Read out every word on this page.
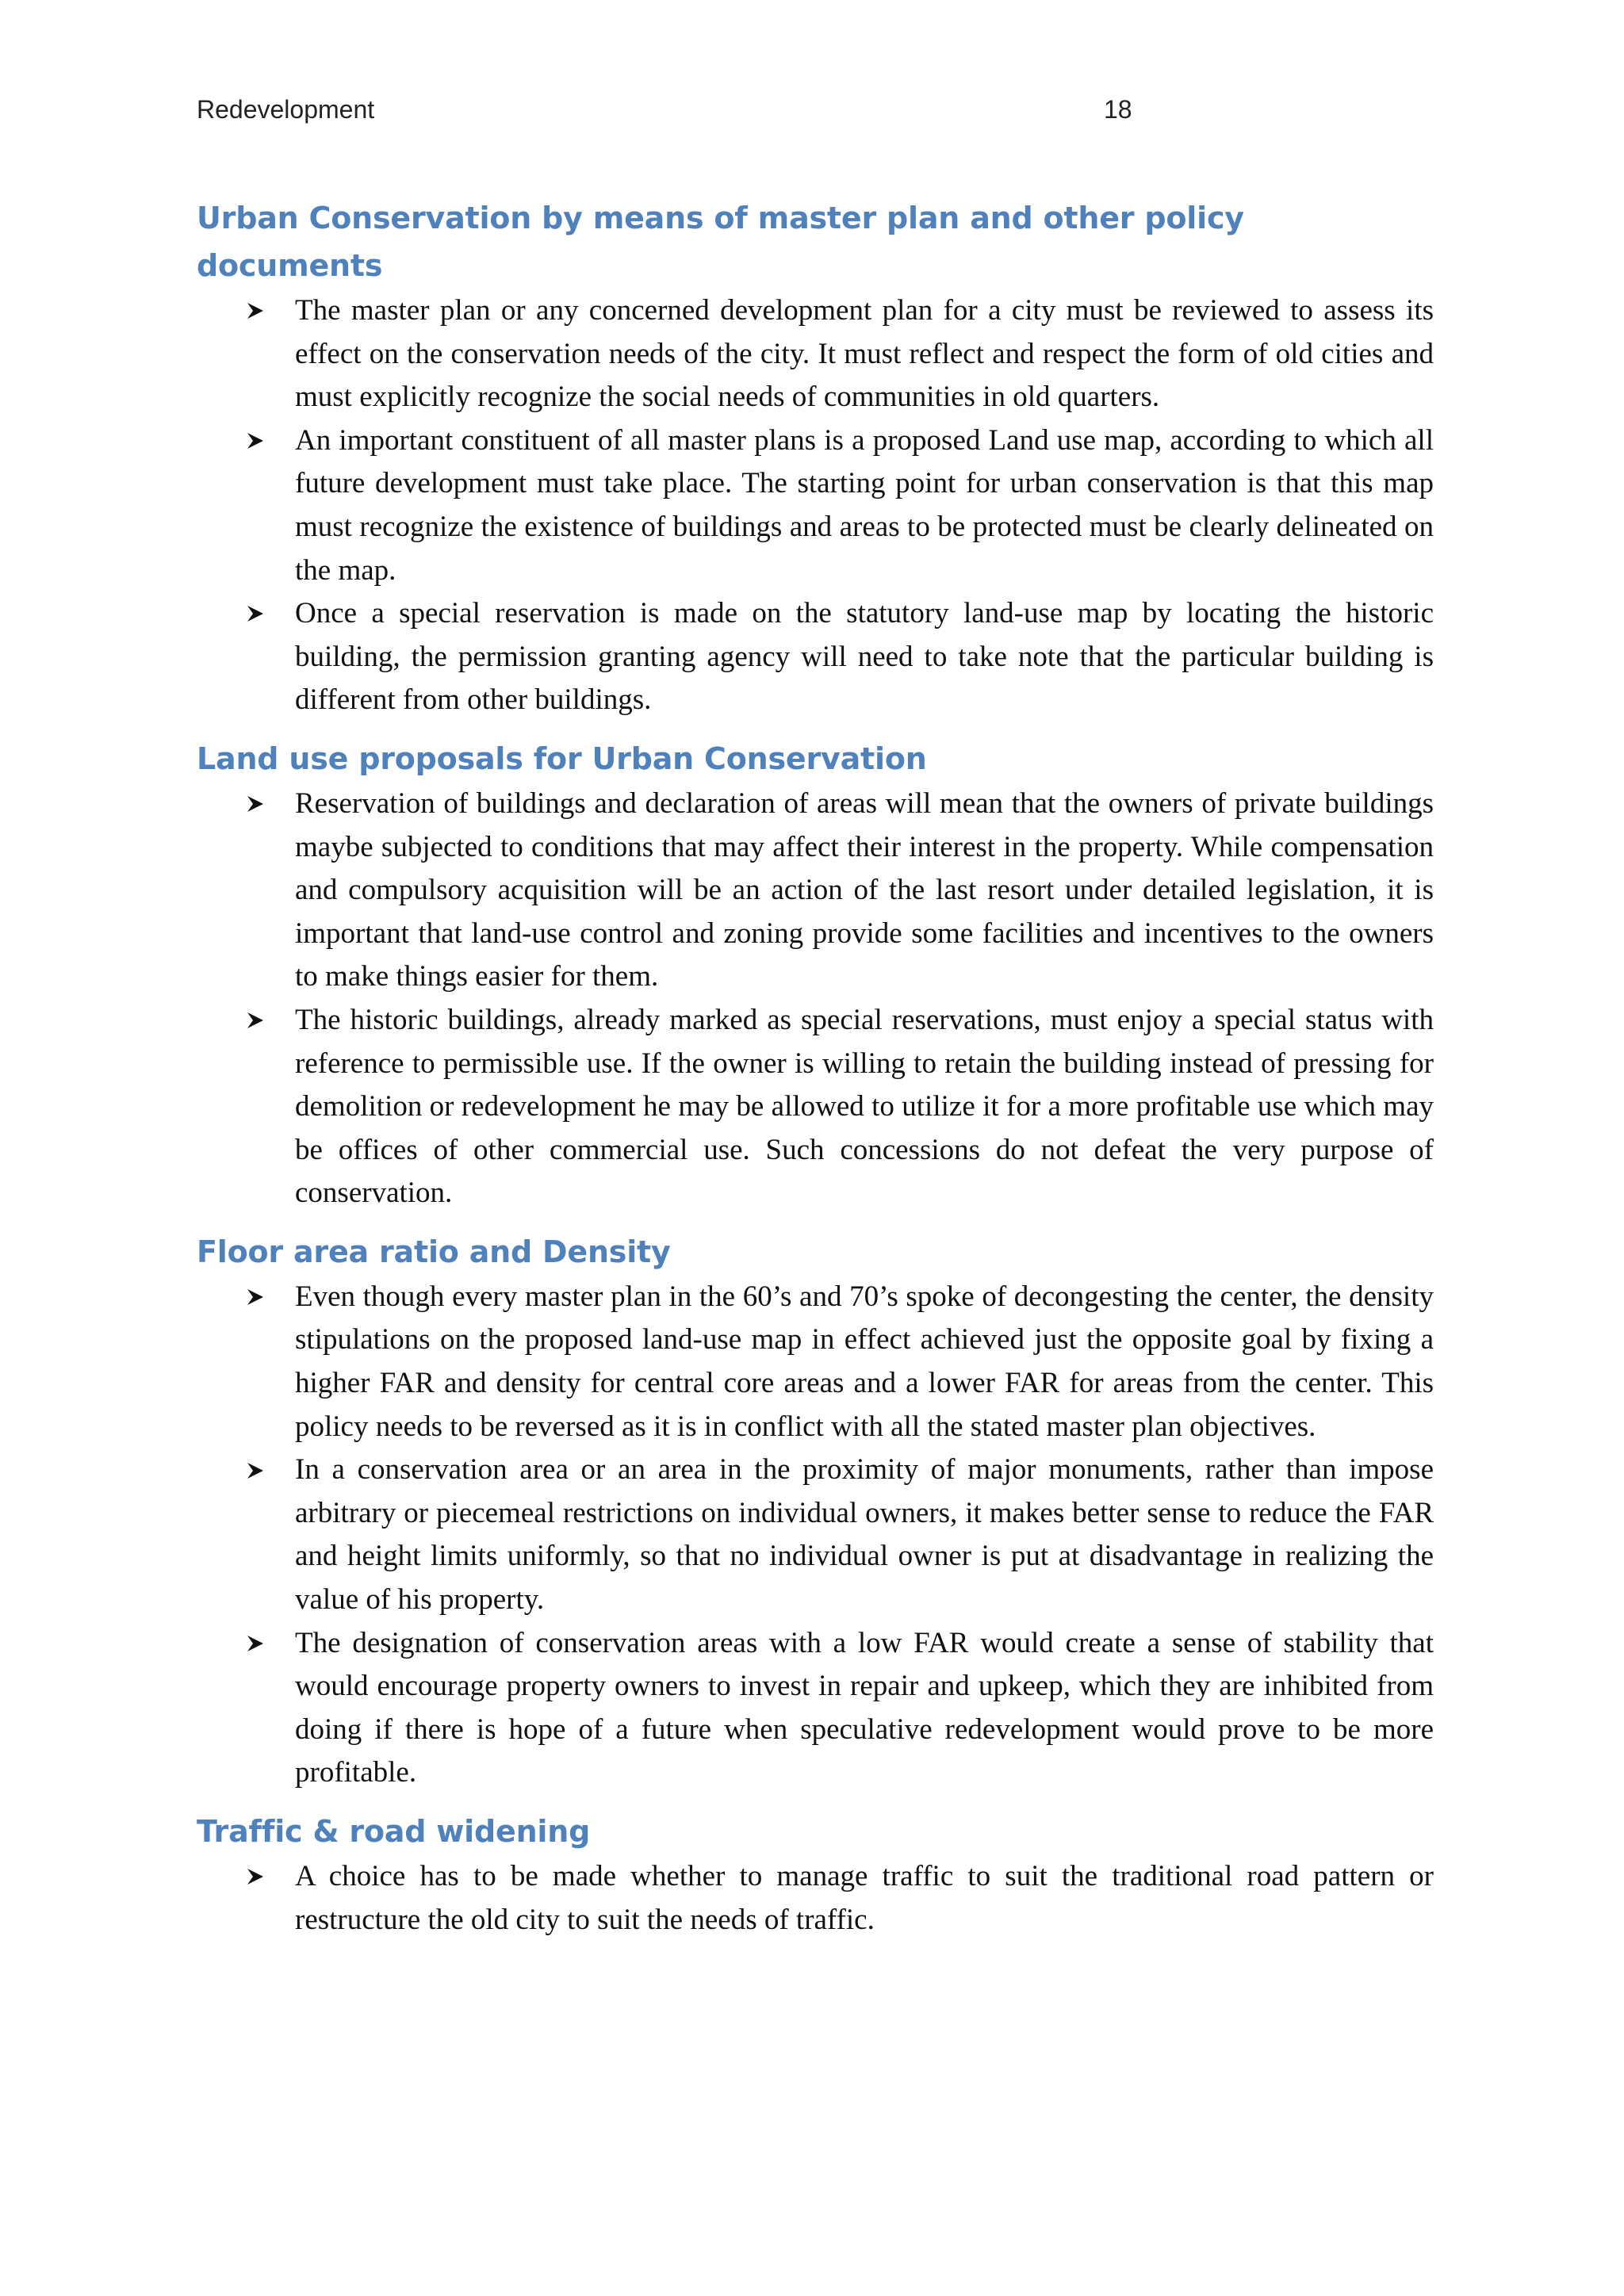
Redevelopment	18
Urban Conservation by means of master plan and other policy documents
The master plan or any concerned development plan for a city must be reviewed to assess its effect on the conservation needs of the city. It must reflect and respect the form of old cities and must explicitly recognize the social needs of communities in old quarters.
An important constituent of all master plans is a proposed Land use map, according to which all future development must take place. The starting point for urban conservation is that this map must recognize the existence of buildings and areas to be protected must be clearly delineated on the map.
Once a special reservation is made on the statutory land-use map by locating the historic building, the permission granting agency will need to take note that the particular building is different from other buildings.
Land use proposals for Urban Conservation
Reservation of buildings and declaration of areas will mean that the owners of private buildings maybe subjected to conditions that may affect their interest in the property. While compensation and compulsory acquisition will be an action of the last resort under detailed legislation, it is important that land-use control and zoning provide some facilities and incentives to the owners to make things easier for them.
The historic buildings, already marked as special reservations, must enjoy a special status with reference to permissible use. If the owner is willing to retain the building instead of pressing for demolition or redevelopment he may be allowed to utilize it for a more profitable use which may be offices of other commercial use. Such concessions do not defeat the very purpose of conservation.
Floor area ratio and Density
Even though every master plan in the 60’s and 70’s spoke of decongesting the center, the density stipulations on the proposed land-use map in effect achieved just the opposite goal by fixing a higher FAR and density for central core areas and a lower FAR for areas from the center. This policy needs to be reversed as it is in conflict with all the stated master plan objectives.
In a conservation area or an area in the proximity of major monuments, rather than impose arbitrary or piecemeal restrictions on individual owners, it makes better sense to reduce the FAR and height limits uniformly, so that no individual owner is put at disadvantage in realizing the value of his property.
The designation of conservation areas with a low FAR would create a sense of stability that would encourage property owners to invest in repair and upkeep, which they are inhibited from doing if there is hope of a future when speculative redevelopment would prove to be more profitable.
Traffic & road widening
A choice has to be made whether to manage traffic to suit the traditional road pattern or restructure the old city to suit the needs of traffic.
